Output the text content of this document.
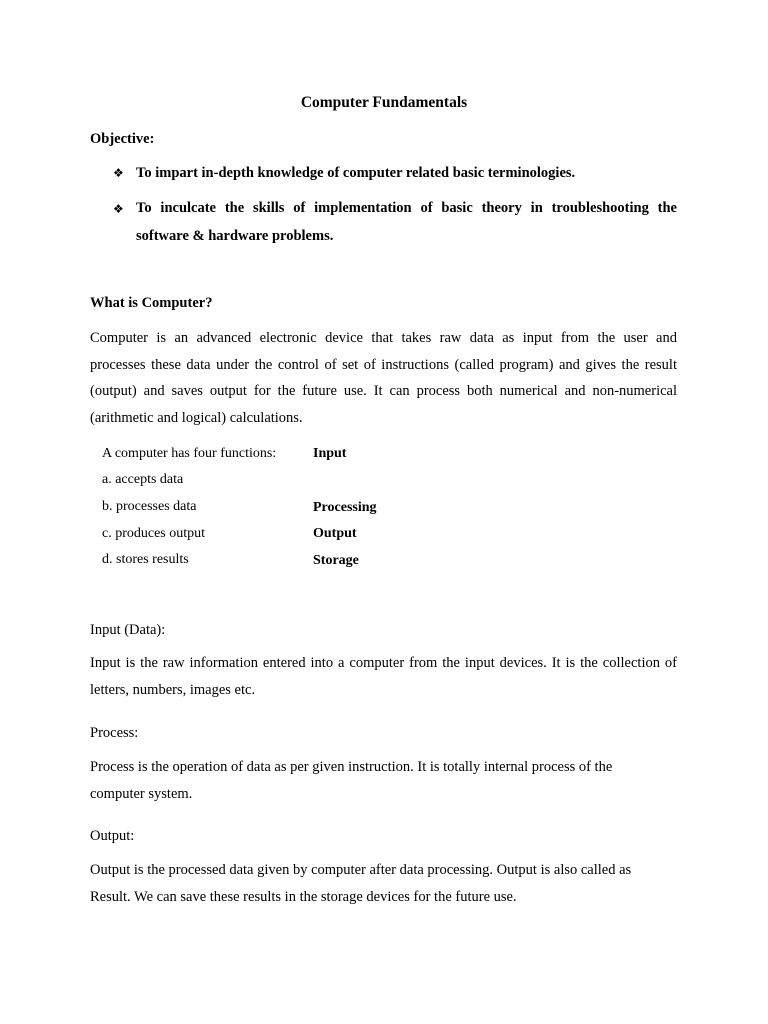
Computer Fundamentals
Objective:
❖ To impart in-depth knowledge of computer related basic terminologies.
❖ To inculcate the skills of implementation of basic theory in troubleshooting the
software & hardware problems.
What is Computer?
Computer is an advanced electronic device that takes raw data as input from the user and
processes these data under the control of set of instructions (called program) and gives the result
(output) and saves output for the future use. It can process both numerical and non-numerical
(arithmetic and logical) calculations.
A computer has four functions:	Input
a. accepts data
b. processes data	Processing
c. produces output	Output
d. stores results	Storage
Input (Data):
Input is the raw information entered into a computer from the input devices. It is the collection of
letters, numbers, images etc.
Process:
Process is the operation of data as per given instruction. It is totally internal process of the
computer system.
Output:
Output is the processed data given by computer after data processing. Output is also called as
Result. We can save these results in the storage devices for the future use.
